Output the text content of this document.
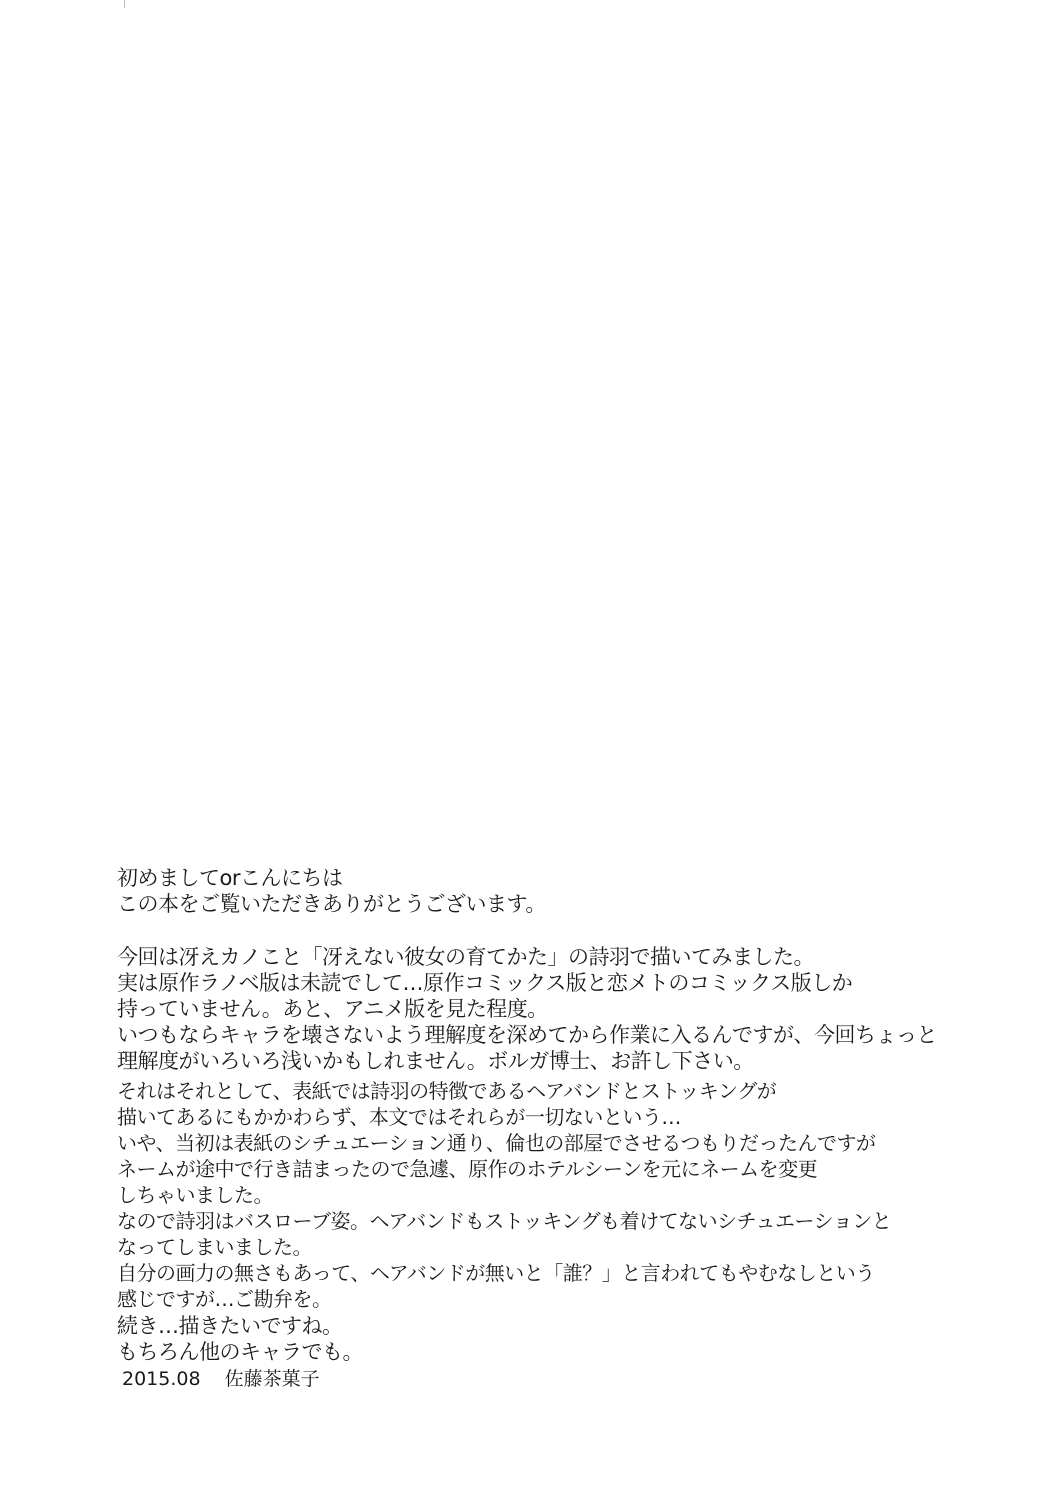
初めましてorこんにちは
この本をご覧いただきありがとうございます。
今回は冴えカノこと「冴えない彼女の育てかた」の詩羽で描いてみました。
実は原作ラノベ版は未読でして…原作コミックス版と恋メトのコミックス版しか
持っていません。あと、アニメ版を見た程度。
いつもならキャラを壊さないよう理解度を深めてから作業に入るんですが、今回ちょっと
理解度がいろいろ浅いかもしれません。ボルガ博士、お許し下さい。
それはそれとして、表紙では詩羽の特徴であるヘアバンドとストッキングが
描いてあるにもかかわらず、本文ではそれらが一切ないという…
いや、当初は表紙のシチュエーション通り、倫也の部屋でさせるつもりだったんですが
ネームが途中で行き詰まったので急遽、原作のホテルシーンを元にネームを変更
しちゃいました。
なので詩羽はバスローブ姿。ヘアバンドもストッキングも着けてないシチュエーションと
なってしまいました。
自分の画力の無さもあって、ヘアバンドが無いと「誰？」と言われてもやむなしという
感じですが…ご勘弁を。
続き…描きたいですね。
もちろん他のキャラでも。
2015.08 佐藤茶菓子
